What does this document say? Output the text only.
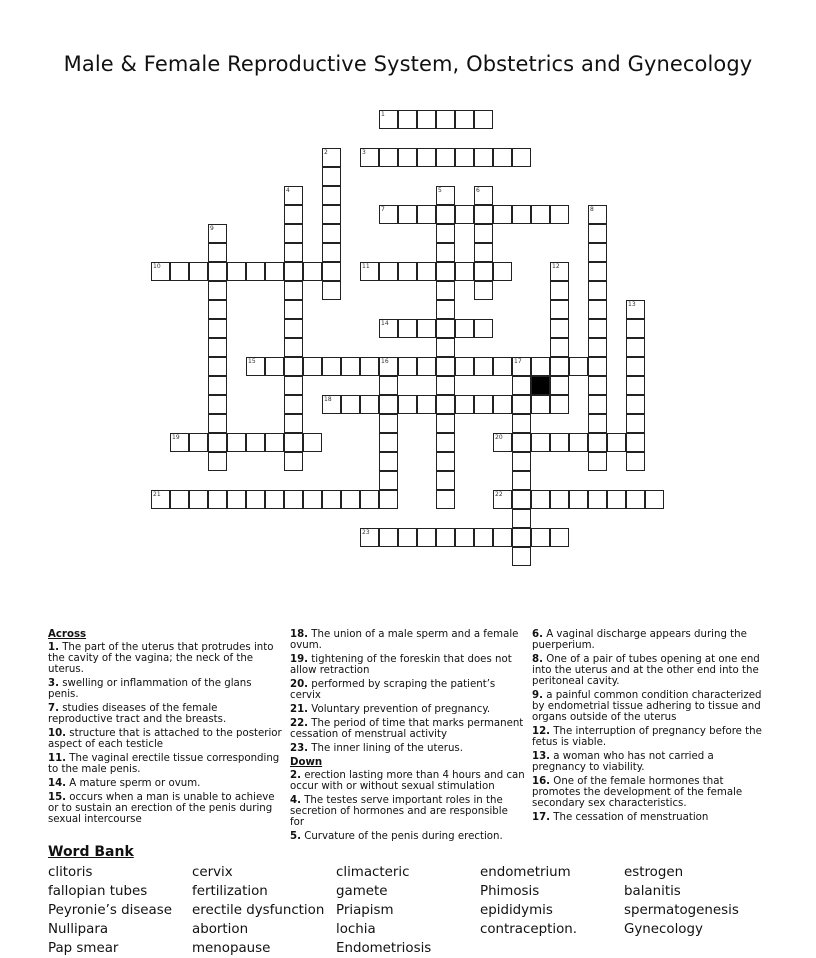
Male & Female Reproductive System, Obstetrics and Gynecology
1
2	3
4	5	6
7	8
9
10	11	12
13
14
15	16	17
18
19	20
21	22
23
Across
1. The part of the uterus that protrudes into the cavity of the vagina; the neck of the uterus.
3. swelling or inflammation of the glans penis.
7. studies diseases of the female reproductive tract and the breasts.
10. structure that is attached to the posterior aspect of each testicle
11. The vaginal erectile tissue corresponding to the male penis.
14. A mature sperm or ovum.
15. occurs when a man is unable to achieve or to sustain an erection of the penis during sexual intercourse
18. The union of a male sperm and a female ovum.
19. tightening of the foreskin that does not allow retraction
20. performed by scraping the patient’s cervix
21. Voluntary prevention of pregnancy.
22. The period of time that marks permanent cessation of menstrual activity
23. The inner lining of the uterus.
Down
2. erection lasting more than 4 hours and can occur with or without sexual stimulation
4. The testes serve important roles in the secretion of hormones and are responsible for
5. Curvature of the penis during erection.
6. A vaginal discharge appears during the puerperium.
8. One of a pair of tubes opening at one end into the uterus and at the other end into the peritoneal cavity.
9. a painful common condition characterized by endometrial tissue adhering to tissue and organs outside of the uterus
12. The interruption of pregnancy before the fetus is viable.
13. a woman who has not carried a pregnancy to viability.
16. One of the female hormones that promotes the development of the female secondary sex characteristics.
17. The cessation of menstruation
Word Bank
clitoris
fallopian tubes
Peyronie’s disease
Nullipara
Pap smear
cervix
fertilization
erectile dysfunction
abortion
menopause
climacteric
gamete
Priapism
lochia
Endometriosis
endometrium
Phimosis
epididymis
contraception.
estrogen
balanitis
spermatogenesis
Gynecology
